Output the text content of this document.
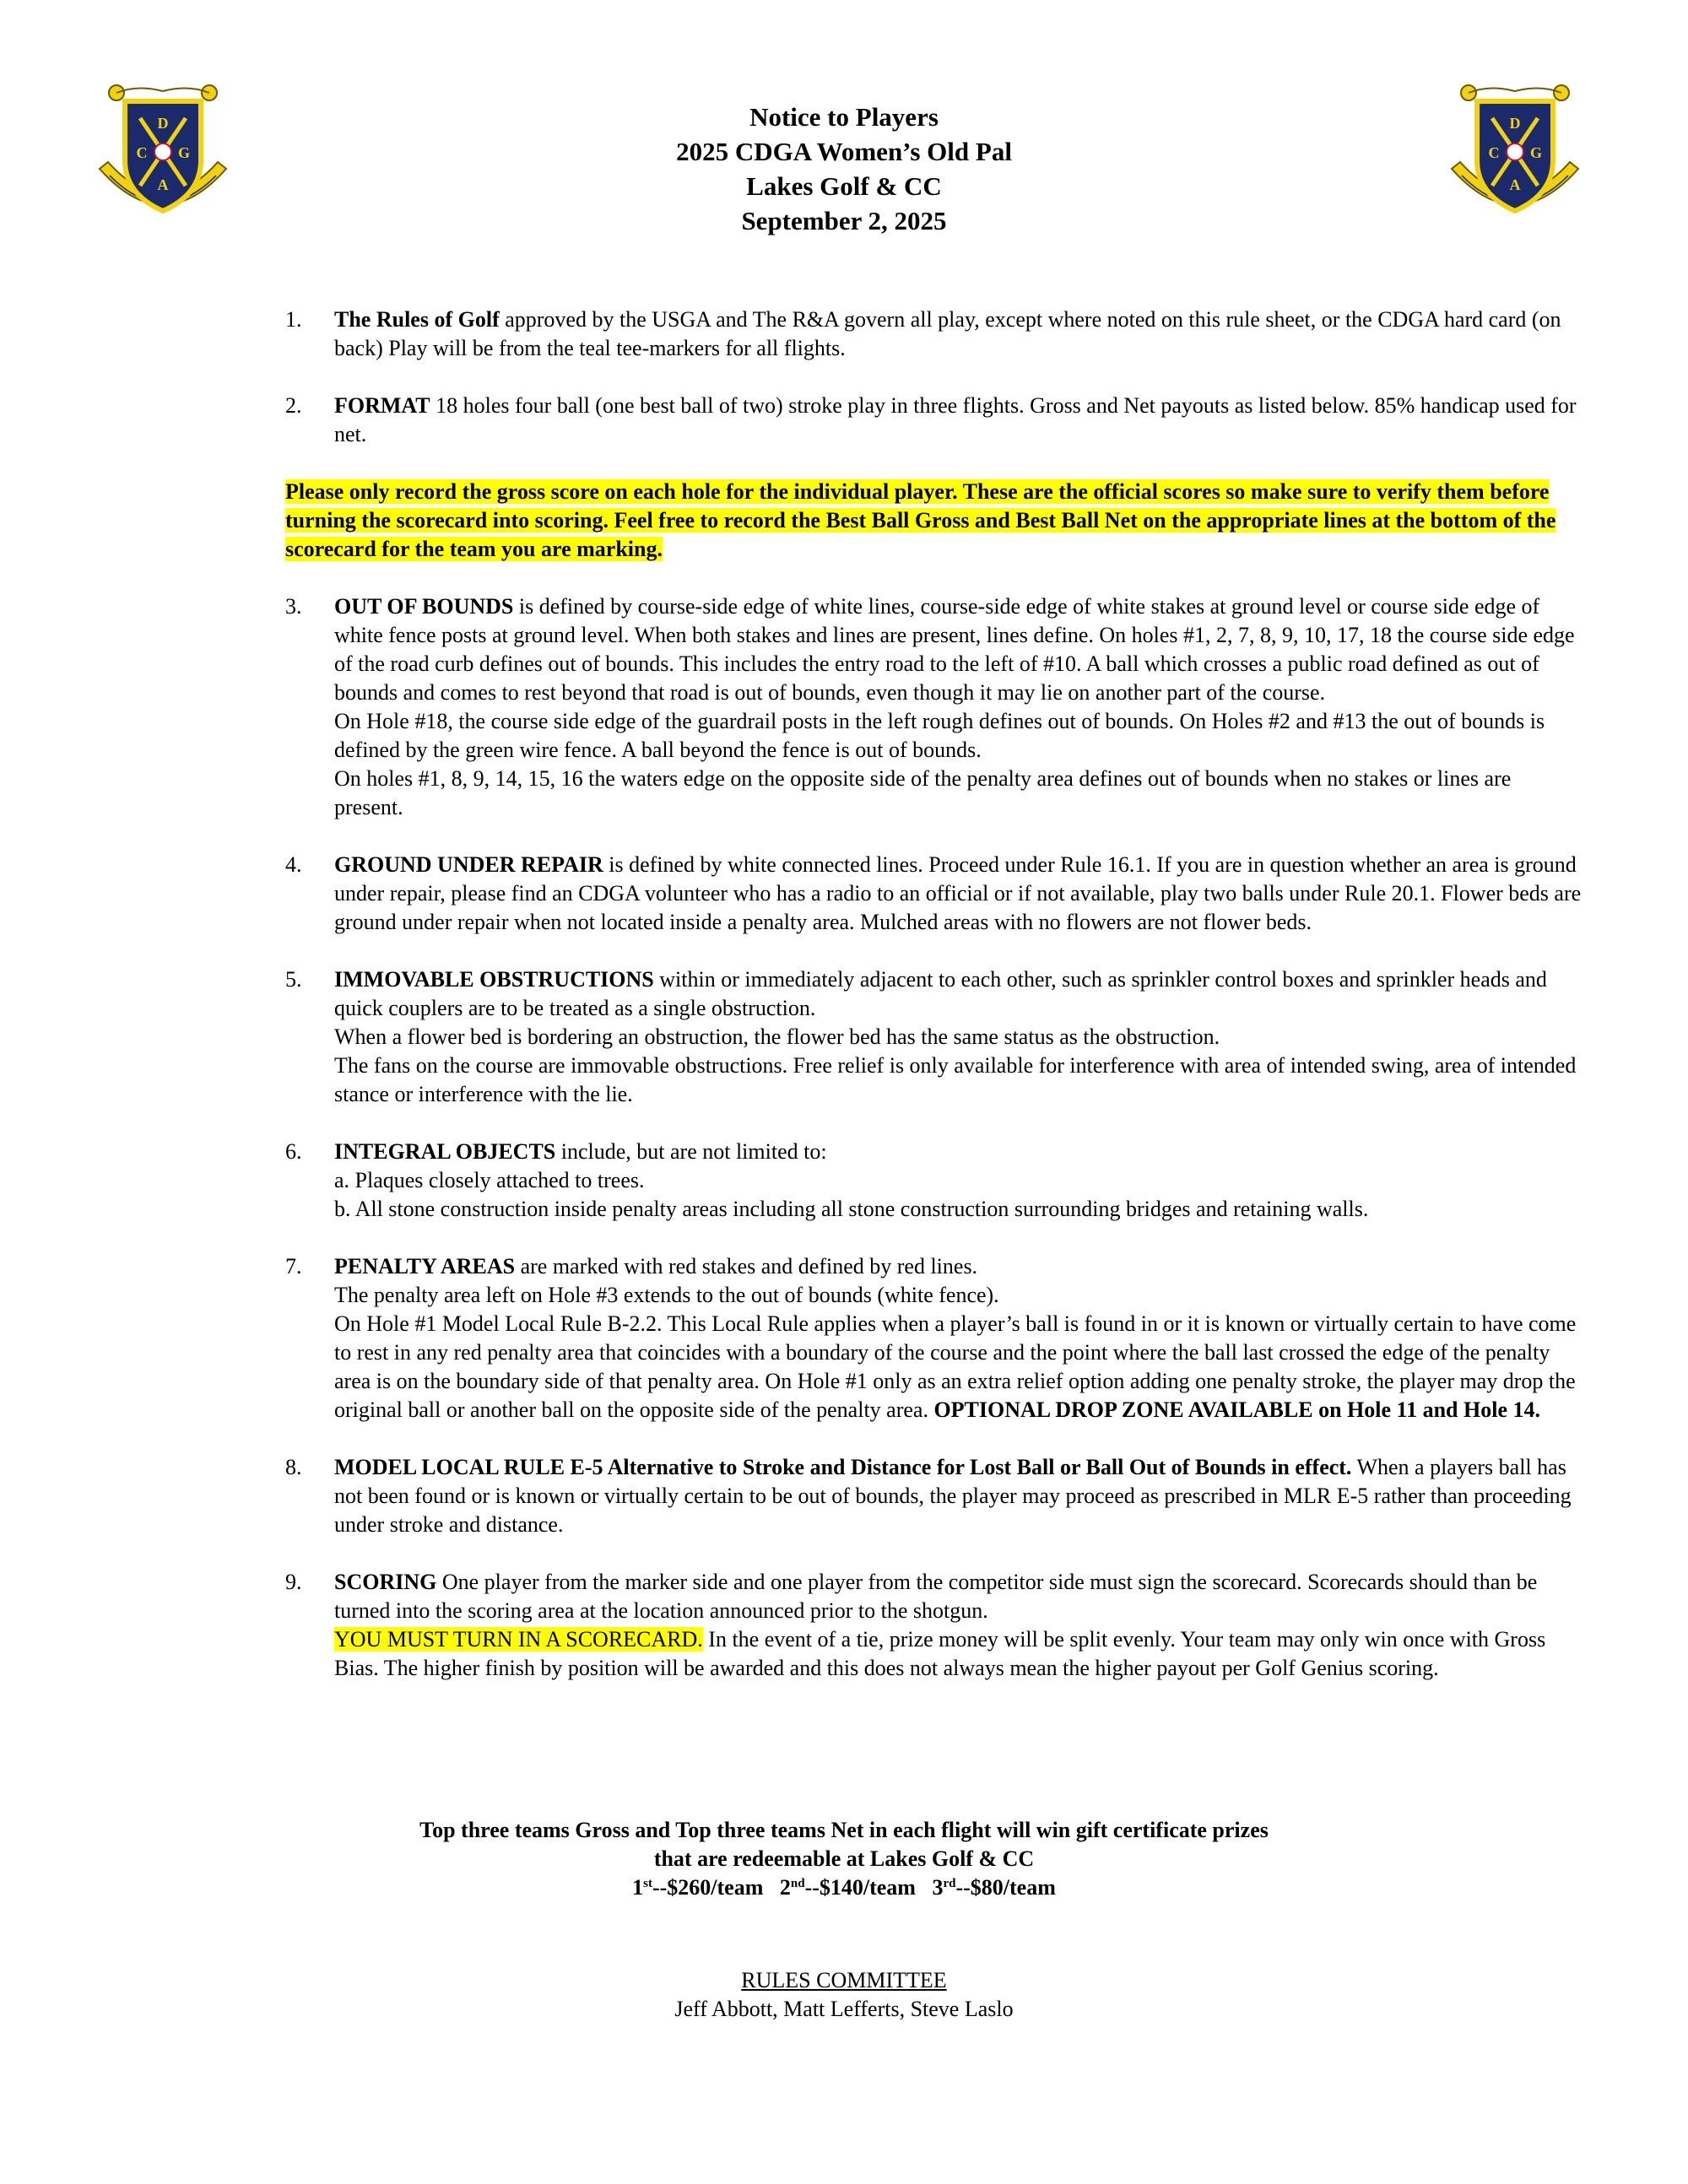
D
C G
A
D
C G
A
Notice to Players
2025 CDGA Women’s Old Pal
Lakes Golf & CC
September 2, 2025
1. The Rules of Golf approved by the USGA and The R&A govern all play, except where noted on this rule sheet, or the CDGA hard card (on back) Play will be from the teal tee-markers for all flights.
2. FORMAT 18 holes four ball (one best ball of two) stroke play in three flights. Gross and Net payouts as listed below. 85% handicap used for net.
Please only record the gross score on each hole for the individual player. These are the official scores so make sure to verify them before turning the scorecard into scoring. Feel free to record the Best Ball Gross and Best Ball Net on the appropriate lines at the bottom of the scorecard for the team you are marking.
3. OUT OF BOUNDS is defined by course-side edge of white lines, course-side edge of white stakes at ground level or course side edge of white fence posts at ground level. When both stakes and lines are present, lines define. On holes #1, 2, 7, 8, 9, 10, 17, 18 the course side edge of the road curb defines out of bounds. This includes the entry road to the left of #10. A ball which crosses a public road defined as out of bounds and comes to rest beyond that road is out of bounds, even though it may lie on another part of the course.
On Hole #18, the course side edge of the guardrail posts in the left rough defines out of bounds. On Holes #2 and #13 the out of bounds is defined by the green wire fence. A ball beyond the fence is out of bounds.
On holes #1, 8, 9, 14, 15, 16 the waters edge on the opposite side of the penalty area defines out of bounds when no stakes or lines are present.
4. GROUND UNDER REPAIR is defined by white connected lines. Proceed under Rule 16.1. If you are in question whether an area is ground under repair, please find an CDGA volunteer who has a radio to an official or if not available, play two balls under Rule 20.1. Flower beds are ground under repair when not located inside a penalty area. Mulched areas with no flowers are not flower beds.
5. IMMOVABLE OBSTRUCTIONS within or immediately adjacent to each other, such as sprinkler control boxes and sprinkler heads and quick couplers are to be treated as a single obstruction.
When a flower bed is bordering an obstruction, the flower bed has the same status as the obstruction.
The fans on the course are immovable obstructions. Free relief is only available for interference with area of intended swing, area of intended stance or interference with the lie.
6. INTEGRAL OBJECTS include, but are not limited to:
a. Plaques closely attached to trees.
b. All stone construction inside penalty areas including all stone construction surrounding bridges and retaining walls.
7. PENALTY AREAS are marked with red stakes and defined by red lines.
The penalty area left on Hole #3 extends to the out of bounds (white fence).
On Hole #1 Model Local Rule B-2.2. This Local Rule applies when a player’s ball is found in or it is known or virtually certain to have come to rest in any red penalty area that coincides with a boundary of the course and the point where the ball last crossed the edge of the penalty area is on the boundary side of that penalty area. On Hole #1 only as an extra relief option adding one penalty stroke, the player may drop the original ball or another ball on the opposite side of the penalty area. OPTIONAL DROP ZONE AVAILABLE on Hole 11 and Hole 14.
8. MODEL LOCAL RULE E-5 Alternative to Stroke and Distance for Lost Ball or Ball Out of Bounds in effect. When a players ball has not been found or is known or virtually certain to be out of bounds, the player may proceed as prescribed in MLR E-5 rather than proceeding under stroke and distance.
9. SCORING One player from the marker side and one player from the competitor side must sign the scorecard. Scorecards should than be turned into the scoring area at the location announced prior to the shotgun.
YOU MUST TURN IN A SCORECARD. In the event of a tie, prize money will be split evenly. Your team may only win once with Gross Bias. The higher finish by position will be awarded and this does not always mean the higher payout per Golf Genius scoring.
Top three teams Gross and Top three teams Net in each flight will win gift certificate prizes
that are redeemable at Lakes Golf & CC
1st--$260/team 2nd--$140/team 3rd--$80/team
RULES COMMITTEE
Jeff Abbott, Matt Lefferts, Steve Laslo
